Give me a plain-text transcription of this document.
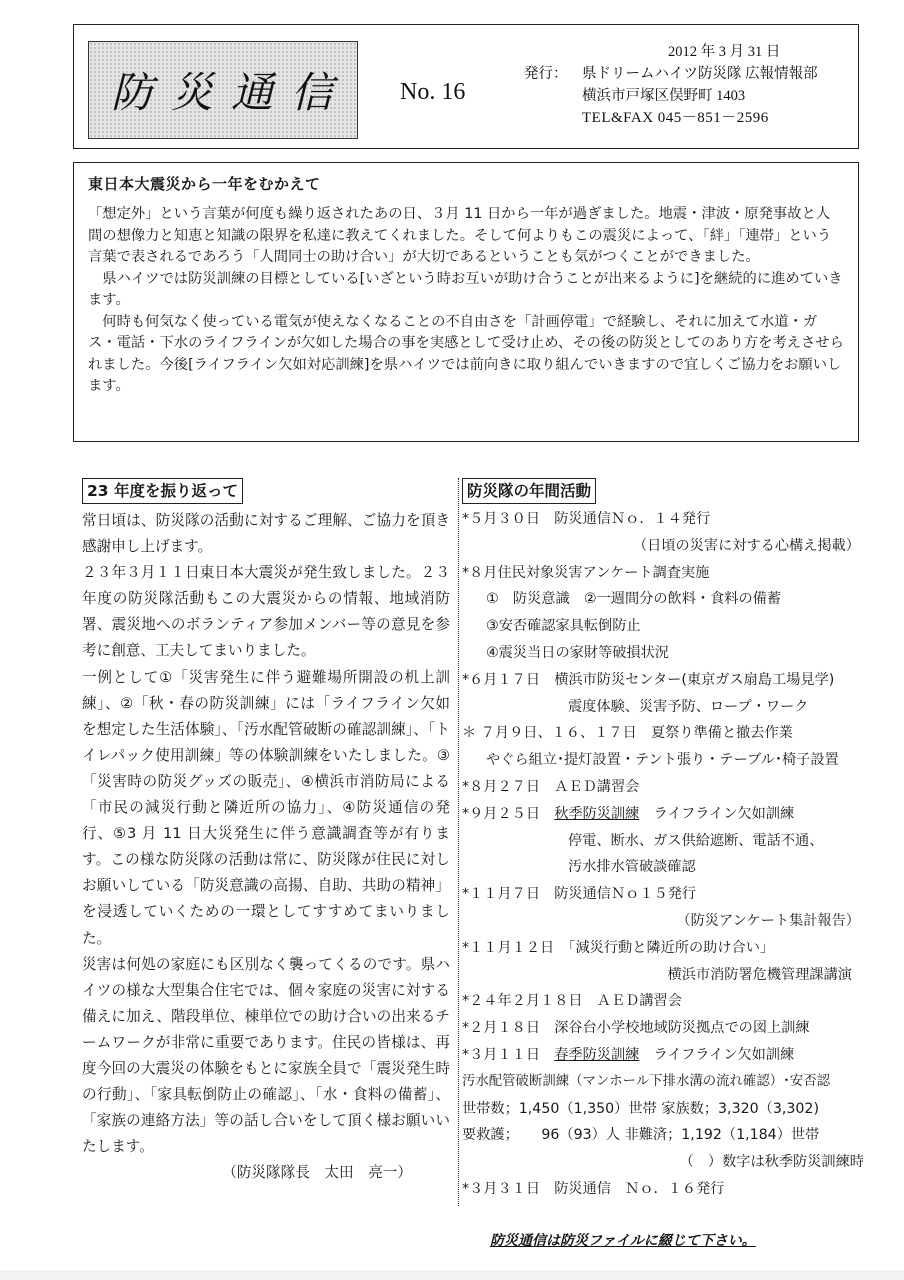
防災通信 No. 16
2012 年 3 月 31 日
発行：	県ドリームハイツ防災隊 広報情報部
横浜市戸塚区俣野町 1403
TEL&FAX 045－851－2596
東日本大震災から一年をむかえて

「想定外」という言葉が何度も繰り返されたあの日、３月 11 日から一年が過ぎました。地震・津波・原発事故と人間の想像力と知恵と知識の限界を私達に教えてくれました。そして何よりもこの震災によって、「絆」「連帯」という言葉で表されるであろう「人間同士の助け合い」が大切であるということも気がつくことができました。

県ハイツでは防災訓練の目標としている[いざという時お互いが助け合うことが出来るように]を継続的に進めていきます。

何時も何気なく使っている電気が使えなくなることの不自由さを「計画停電」で経験し、それに加えて水道・ガス・電話・下水のライフラインが欠如した場合の事を実感として受け止め、その後の防災としてのあり方を考えさせられました。今後[ライフライン欠如対応訓練]を県ハイツでは前向きに取り組んでいきますので宜しくご協力をお願いします。

23 年度を振り返って

常日頃は、防災隊の活動に対するご理解、ご協力を頂き感謝申し上げます。

２３年３月１１日東日本大震災が発生致しました。２３年度の防災隊活動もこの大震災からの情報、地域消防署、震災地へのボランティア参加メンバー等の意見を参考に創意、工夫してまいりました。

一例として①「災害発生に伴う避難場所開設の机上訓練」、②「秋・春の防災訓練」には「ライフライン欠如を想定した生活体験」、「汚水配管破断の確認訓練」、「トイレパック使用訓練」等の体験訓練をいたしました。③「災害時の防災グッズの販売」、④横浜市消防局による「市民の減災行動と隣近所の協力」、④防災通信の発行、⑤3 月 11 日大災発生に伴う意識調査等が有ります。この様な防災隊の活動は常に、防災隊が住民に対しお願いしている「防災意識の高揚、自助、共助の精神」を浸透していくための一環としてすすめてまいりました。

災害は何処の家庭にも区別なく襲ってくるのです。県ハイツの様な大型集合住宅では、個々家庭の災害に対する備えに加え、階段単位、棟単位での助け合いの出来るチームワークが非常に重要であります。住民の皆様は、再度今回の大震災の体験をもとに家族全員で「震災発生時の行動」、「家具転倒防止の確認」、「水・食料の備蓄」、「家族の連絡方法」等の話し合いをして頂く様お願いいたします。

（防災隊隊長　太田　亮一）

防災隊の年間活動
*５月３０日　防災通信Ｎｏ．１４発行
（日頃の災害に対する心構え掲載）
*８月住民対象災害アンケート調査実施
①　防災意識　②一週間分の飲料・食料の備蓄
③安否確認家具転倒防止
④震災当日の家財等破損状況
*６月１７日　横浜市防災センター(東京ガス扇島工場見学)
震度体験、災害予防、ロープ・ワーク
＊ ７月９日、１６、１７日　夏祭り準備と撤去作業
やぐら組立･提灯設置・テント張り・テーブル･椅子設置
*８月２７日　ＡＥＤ講習会
*９月２５日　秋季防災訓練　ライフライン欠如訓練
停電、断水、ガス供給遮断、電話不通、
汚水排水管破談確認
*１１月７日　防災通信Ｎｏ１５発行
（防災アンケート集計報告）
*１１月１２日　「減災行動と隣近所の助け合い」
横浜市消防署危機管理課講演
*２４年２月１８日　ＡＥＤ講習会
*２月１８日　深谷台小学校地域防災拠点での図上訓練
*３月１１日　春季防災訓練　ライフライン欠如訓練
汚水配管破断訓練（マンホール下排水溝の流れ確認）･安否認
世帯数；1,450（1,350）世帯 家族数；3,320（3,302)
要救護； 96（93）人 非難済；1,192（1,184）世帯
（　）数字は秋季防災訓練時
*３月３１日　防災通信　Ｎｏ．１６発行
防災通信は防災ファイルに綴じて下さい。
